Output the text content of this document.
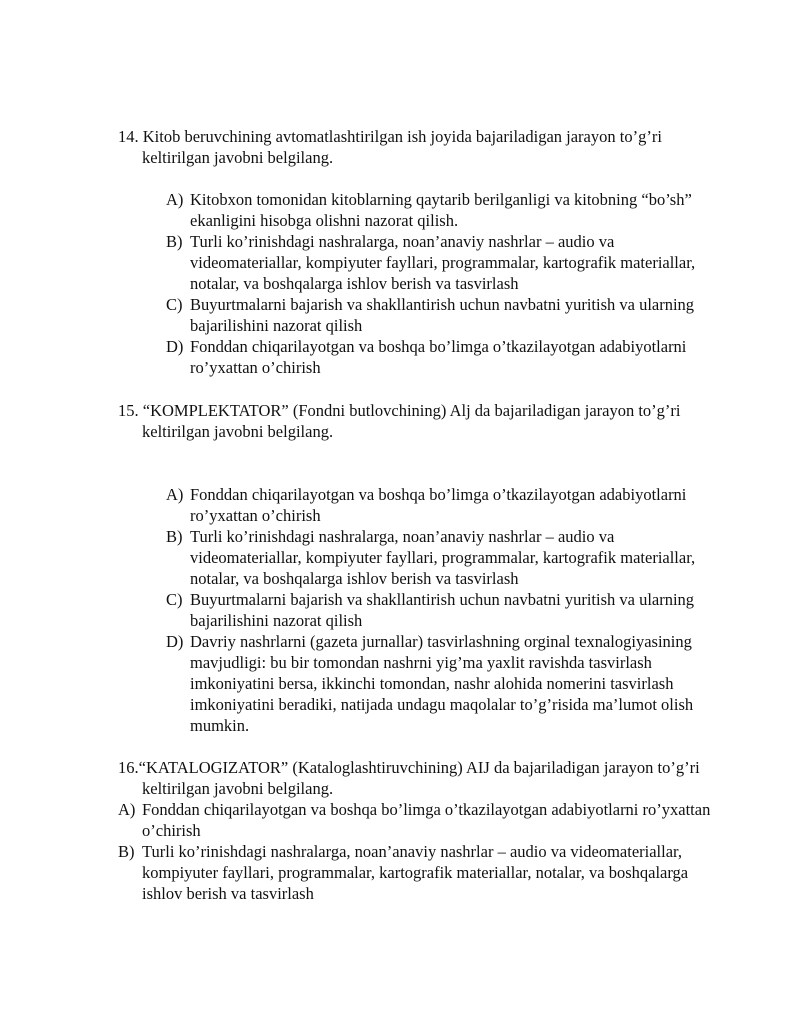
14. Kitob beruvchining avtomatlashtirilgan ish joyida bajariladigan jarayon to’g’ri keltirilgan javobni belgilang.

A) Kitobxon tomonidan kitoblarning qaytarib berilganligi va kitobning “bo’sh” ekanligini hisobga olishni nazorat qilish.
B) Turli ko’rinishdagi nashralarga, noan’anaviy nashrlar – audio va videomateriallar, kompiyuter fayllari, programmalar, kartografik materiallar, notalar, va boshqalarga ishlov berish va tasvirlash
C) Buyurtmalarni bajarish va shakllantirish uchun navbatni yuritish va ularning bajarilishini nazorat qilish
D) Fonddan chiqarilayotgan va boshqa bo’limga o’tkazilayotgan adabiyotlarni ro’yxattan o’chirish

15. “KOMPLEKTATOR” (Fondni butlovchining) Alj da bajariladigan jarayon to’g’ri keltirilgan javobni belgilang.

A) Fonddan chiqarilayotgan va boshqa bo’limga o’tkazilayotgan adabiyotlarni ro’yxattan o’chirish
B) Turli ko’rinishdagi nashralarga, noan’anaviy nashrlar – audio va videomateriallar, kompiyuter fayllari, programmalar, kartografik materiallar, notalar, va boshqalarga ishlov berish va tasvirlash
C) Buyurtmalarni bajarish va shakllantirish uchun navbatni yuritish va ularning bajarilishini nazorat qilish
D) Davriy nashrlarni (gazeta jurnallar) tasvirlashning orginal texnalogiyasining mavjudligi: bu bir tomondan nashrni yig’ma yaxlit ravishda tasvirlash imkoniyatini bersa, ikkinchi tomondan, nashr alohida nomerini tasvirlash imkoniyatini beradiki, natijada undagu maqolalar to’g’risida ma’lumot olish mumkin.

16.“KATALOGIZATOR” (Kataloglashtiruvchining) AIJ da bajariladigan jarayon to’g’ri keltirilgan javobni belgilang.

A) Fonddan chiqarilayotgan va boshqa bo’limga o’tkazilayotgan adabiyotlarni ro’yxattan o’chirish
B) Turli ko’rinishdagi nashralarga, noan’anaviy nashrlar – audio va videomateriallar, kompiyuter fayllari, programmalar, kartografik materiallar, notalar, va boshqalarga ishlov berish va tasvirlash
